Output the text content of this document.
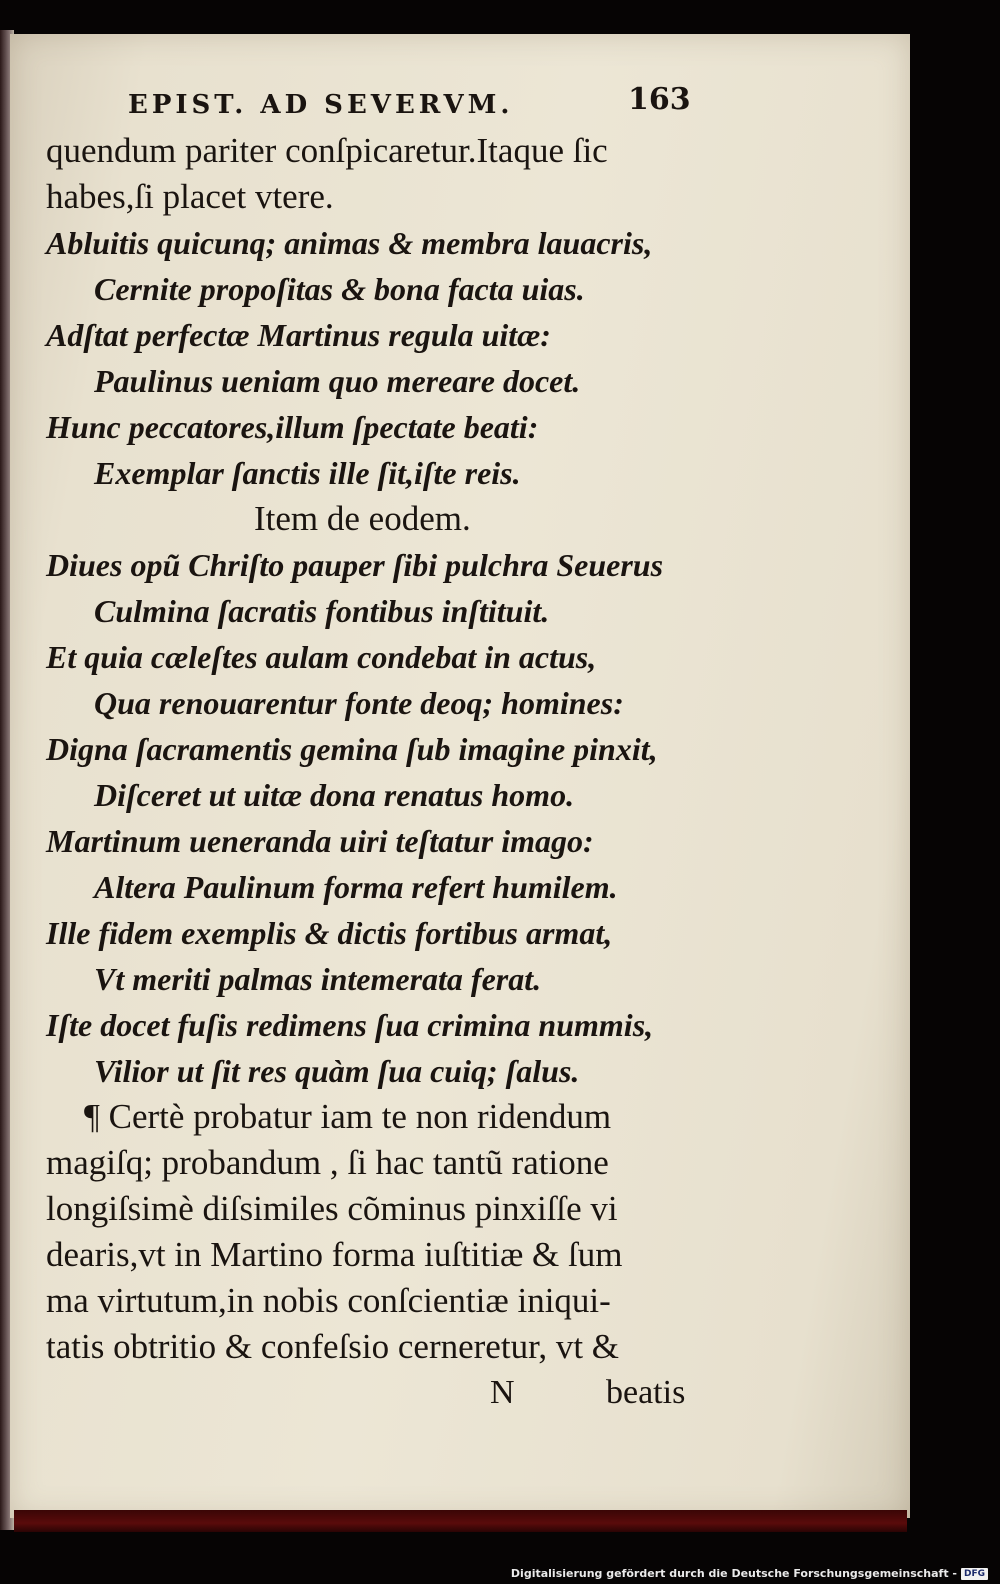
EPIST. AD SEVERVM.	163
quendum pariter conſpicaretur.Itaque ſic
habes,ſi placet vtere.
Abluitis quicunq; animas & membra lauacris,
Cernite propoſitas & bona facta uias.
Adſtat perfectæ Martinus regula uitæ:
Paulinus ueniam quo mereare docet.
Hunc peccatores,illum ſpectate beati:
Exemplar ſanctis ille ſit,iſte reis.
Item de eodem.
Diues opũ Chriſto pauper ſibi pulchra Seuerus
Culmina ſacratis fontibus inſtituit.
Et quia cæleſtes aulam condebat in actus,
Qua renouarentur fonte deoq; homines:
Digna ſacramentis gemina ſub imagine pinxit,
Diſceret ut uitæ dona renatus homo.
Martinum ueneranda uiri teſtatur imago:
Altera Paulinum forma refert humilem.
Ille fidem exemplis & dictis fortibus armat,
Vt meriti palmas intemerata ferat.
Iſte docet fuſis redimens ſua crimina nummis,
Vilior ut ſit res quàm ſua cuiq; ſalus.
¶ Certè probatur iam te non ridendum
magiſq; probandum , ſi hac tantũ ratione
longiſsimè diſsimiles cõminus pinxiſſe vi
dearis,vt in Martino forma iuſtitiæ & ſum
ma virtutum,in nobis conſcientiæ iniqui-
tatis obtritio & confeſsio cerneretur, vt &
N	beatis
Digitalisierung gefördert durch die Deutsche Forschungsgemeinschaft - DFG
